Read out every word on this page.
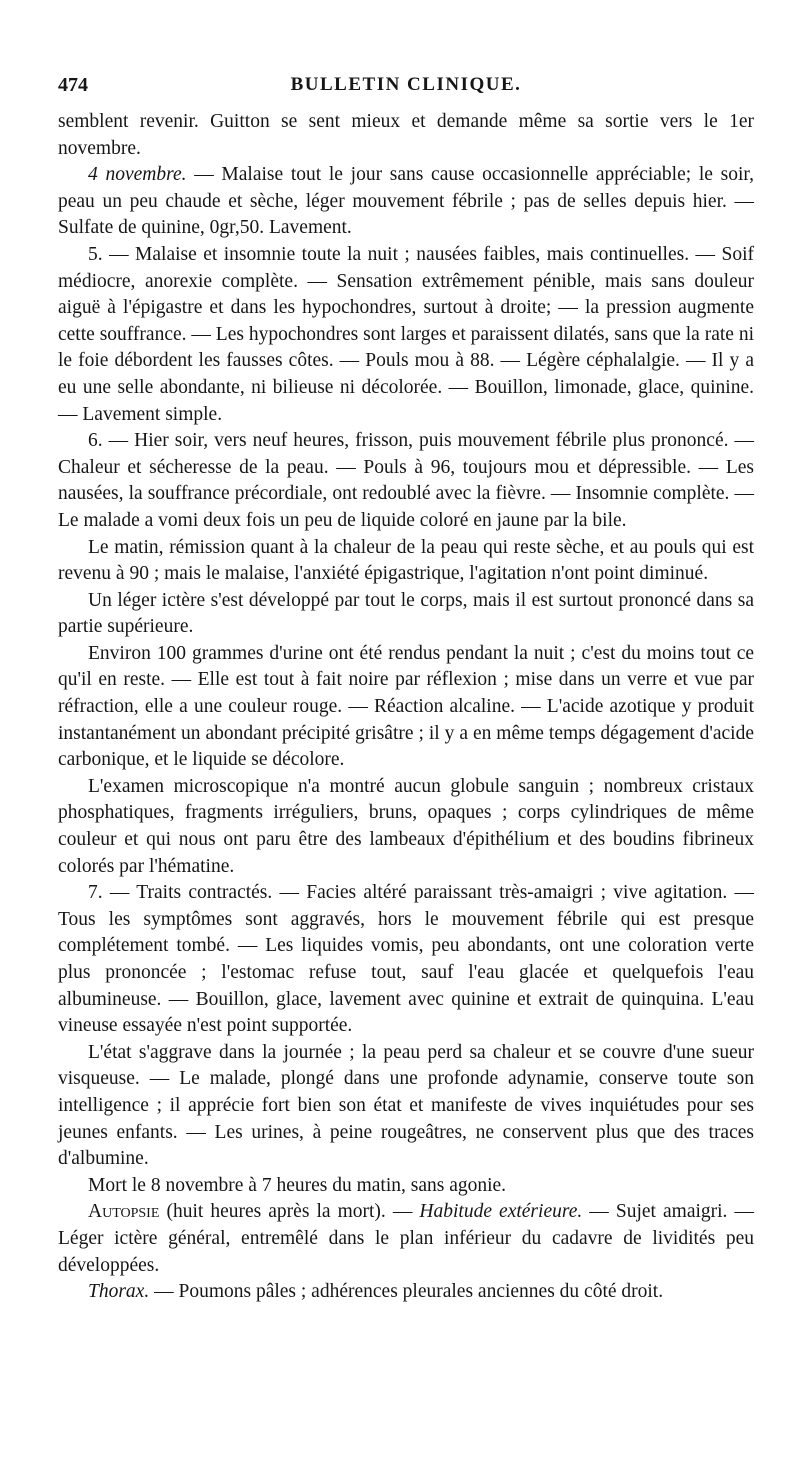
474	BULLETIN CLINIQUE.

semblent revenir. Guitton se sent mieux et demande même sa sortie vers le 1er novembre.

4 novembre. — Malaise tout le jour sans cause occasionnelle appréciable; le soir, peau un peu chaude et sèche, léger mouvement fébrile ; pas de selles depuis hier. — Sulfate de quinine, 0gr,50. Lavement.

5. — Malaise et insomnie toute la nuit ; nausées faibles, mais continuelles. — Soif médiocre, anorexie complète. — Sensation extrêmement pénible, mais sans douleur aiguë à l'épigastre et dans les hypochondres, surtout à droite; — la pression augmente cette souffrance. — Les hypochondres sont larges et paraissent dilatés, sans que la rate ni le foie débordent les fausses côtes. — Pouls mou à 88. — Légère céphalalgie. — Il y a eu une selle abondante, ni bilieuse ni décolorée. — Bouillon, limonade, glace, quinine. — Lavement simple.

6. — Hier soir, vers neuf heures, frisson, puis mouvement fébrile plus prononcé. — Chaleur et sécheresse de la peau. — Pouls à 96, toujours mou et dépressible. — Les nausées, la souffrance précordiale, ont redoublé avec la fièvre. — Insomnie complète. — Le malade a vomi deux fois un peu de liquide coloré en jaune par la bile.

Le matin, rémission quant à la chaleur de la peau qui reste sèche, et au pouls qui est revenu à 90 ; mais le malaise, l'anxiété épigastrique, l'agitation n'ont point diminué.

Un léger ictère s'est développé par tout le corps, mais il est surtout prononcé dans sa partie supérieure.

Environ 100 grammes d'urine ont été rendus pendant la nuit ; c'est du moins tout ce qu'il en reste. — Elle est tout à fait noire par réflexion ; mise dans un verre et vue par réfraction, elle a une couleur rouge. — Réaction alcaline. — L'acide azotique y produit instantanément un abondant précipité grisâtre ; il y a en même temps dégagement d'acide carbonique, et le liquide se décolore.

L'examen microscopique n'a montré aucun globule sanguin ; nombreux cristaux phosphatiques, fragments irréguliers, bruns, opaques ; corps cylindriques de même couleur et qui nous ont paru être des lambeaux d'épithélium et des boudins fibrineux colorés par l'hématine.

7. — Traits contractés. — Facies altéré paraissant très-amaigri ; vive agitation. — Tous les symptômes sont aggravés, hors le mouvement fébrile qui est presque complétement tombé. — Les liquides vomis, peu abondants, ont une coloration verte plus prononcée ; l'estomac refuse tout, sauf l'eau glacée et quelquefois l'eau albumineuse. — Bouillon, glace, lavement avec quinine et extrait de quinquina. L'eau vineuse essayée n'est point supportée.

L'état s'aggrave dans la journée ; la peau perd sa chaleur et se couvre d'une sueur visqueuse. — Le malade, plongé dans une profonde adynamie, conserve toute son intelligence ; il apprécie fort bien son état et manifeste de vives inquiétudes pour ses jeunes enfants. — Les urines, à peine rougeâtres, ne conservent plus que des traces d'albumine.

Mort le 8 novembre à 7 heures du matin, sans agonie.

Autopsie (huit heures après la mort). — Habitude extérieure. — Sujet amaigri. — Léger ictère général, entremêlé dans le plan inférieur du cadavre de lividités peu développées.

Thorax. — Poumons pâles ; adhérences pleurales anciennes du côté droit.
